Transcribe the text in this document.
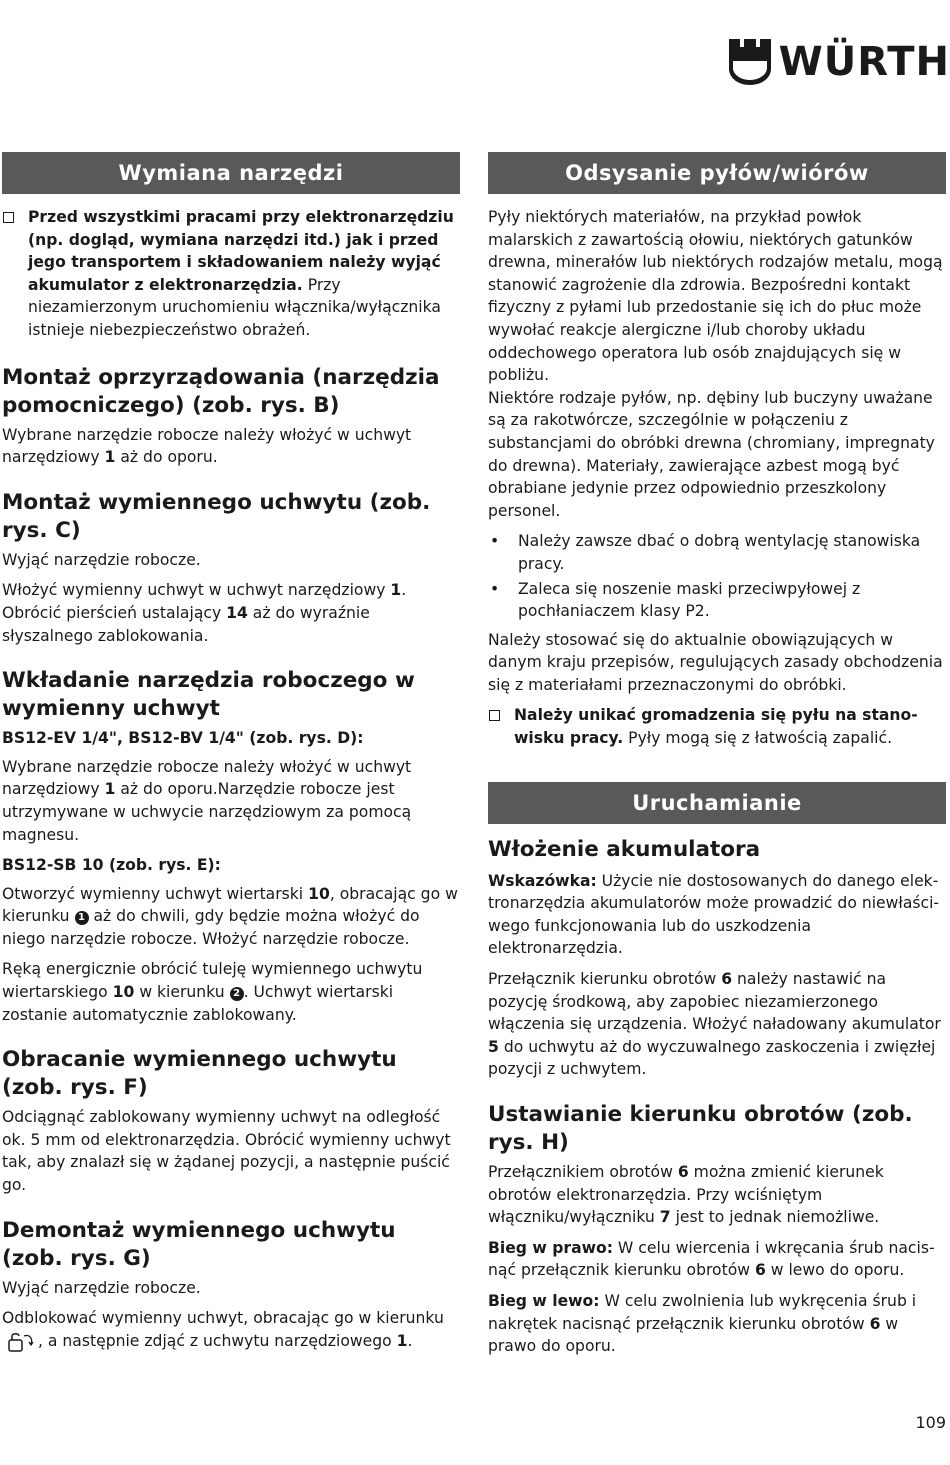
WÜRTH
Wymiana narzędzi

Przed wszystkimi pracami przy elektronarzędziu (np. dogląd, wymiana narzędzi itd.) jak i przed jego transportem i składowaniem należy wyjąć akumulator z elektronarzędzia. Przy niezamierzonym uruchomieniu włącznika/wyłącznika istnieje niebezpieczeństwo obrażeń.

Montaż oprzyrządowania (narzędzia pomocniczego) (zob. rys. B)

Wybrane narzędzie robocze należy włożyć w uchwyt narzędziowy 1 aż do oporu.

Montaż wymiennego uchwytu (zob. rys. C)

Wyjąć narzędzie robocze.

Włożyć wymienny uchwyt w uchwyt narzędziowy 1. Obrócić pierścień ustalający 14 aż do wyraźnie słyszalnego zablokowania.

Wkładanie narzędzia roboczego w wymienny uchwyt
BS12-EV 1/4", BS12-BV 1/4" (zob. rys. D):

Wybrane narzędzie robocze należy włożyć w uchwyt narzędziowy 1 aż do oporu.Narzędzie robocze jest utrzymywane w uchwycie narzędziowym za pomocą magnesu.

BS12-SB 10 (zob. rys. E):

Otworzyć wymienny uchwyt wiertarski 10, obracając go w kierunku 1 aż do chwili, gdy będzie można włożyć do niego narzędzie robocze. Włożyć narzędzie robocze.

Ręką energicznie obrócić tuleję wymiennego uchwytu wiertarskiego 10 w kierunku 2 . Uchwyt wiertarski zostanie automatycznie zablokowany.

Obracanie wymiennego uchwytu (zob. rys. F)

Odciągnąć zablokowany wymienny uchwyt na odległość ok. 5 mm od elektronarzędzia. Obrócić wymienny uchwyt tak, aby znalazł się w żądanej pozycji, a następnie puścić go.

Demontaż wymiennego uchwytu (zob. rys. G)

Wyjąć narzędzie robocze.

Odblokować wymienny uchwyt, obracając go w kierunku , a następnie zdjąć z uchwytu narzędziowego 1.

Odsysanie pyłów/wiórów

Pyły niektórych materiałów, na przykład powłok malarskich z zawartością ołowiu, niektórych gatunków drewna, minerałów lub niektórych rodzajów metalu, mogą stanowić zagrożenie dla zdrowia. Bezpośredni kontakt fizyczny z pyłami lub przedostanie się ich do płuc może wywołać reakcje alergiczne i/lub choroby układu oddechowego operatora lub osób znajdujących się w pobliżu.

Niektóre rodzaje pyłów, np. dębiny lub buczyny uważane są za rakotwórcze, szczególnie w połączeniu z substancjami do obróbki drewna (chromiany, impregnaty do drewna). Materiały, zawierające azbest mogą być obrabiane jedynie przez odpowiednio przeszkolony personel.

•	Należy zawsze dbać o dobrą wentylację stanowiska pracy.
•	Zaleca się noszenie maski przeciwpyłowej z pochłaniaczem klasy P2.

Należy stosować się do aktualnie obowiązujących w danym kraju przepisów, regulujących zasady obchodzenia się z materiałami przeznaczonymi do obróbki.

Należy unikać gromadzenia się pyłu na stanowisku pracy. Pyły mogą się z łatwością zapalić.

Uruchamianie
Włożenie akumulatora

Wskazówka: Użycie nie dostosowanych do danego elektronarzędzia akumulatorów może prowadzić do niewłaściwego funkcjonowania lub do uszkodzenia elektronarzędzia.

Przełącznik kierunku obrotów 6 należy nastawić na pozycję środkową, aby zapobiec niezamierzonego włączenia się urządzenia. Włożyć naładowany akumulator 5 do uchwytu aż do wyczuwalnego zaskoczenia i zwięzłej pozycji z uchwytem.

Ustawianie kierunku obrotów (zob. rys. H)

Przełącznikiem obrotów 6 można zmienić kierunek obrotów elektronarzędzia. Przy wciśniętym włączniku/wyłączniku 7 jest to jednak niemożliwe.

Bieg w prawo: W celu wiercenia i wkręcania śrub nacisnąć przełącznik kierunku obrotów 6 w lewo do oporu.

Bieg w lewo: W celu zwolnienia lub wykręcenia śrub i nakrętek nacisnąć przełącznik kierunku obrotów 6 w prawo do oporu.

109
